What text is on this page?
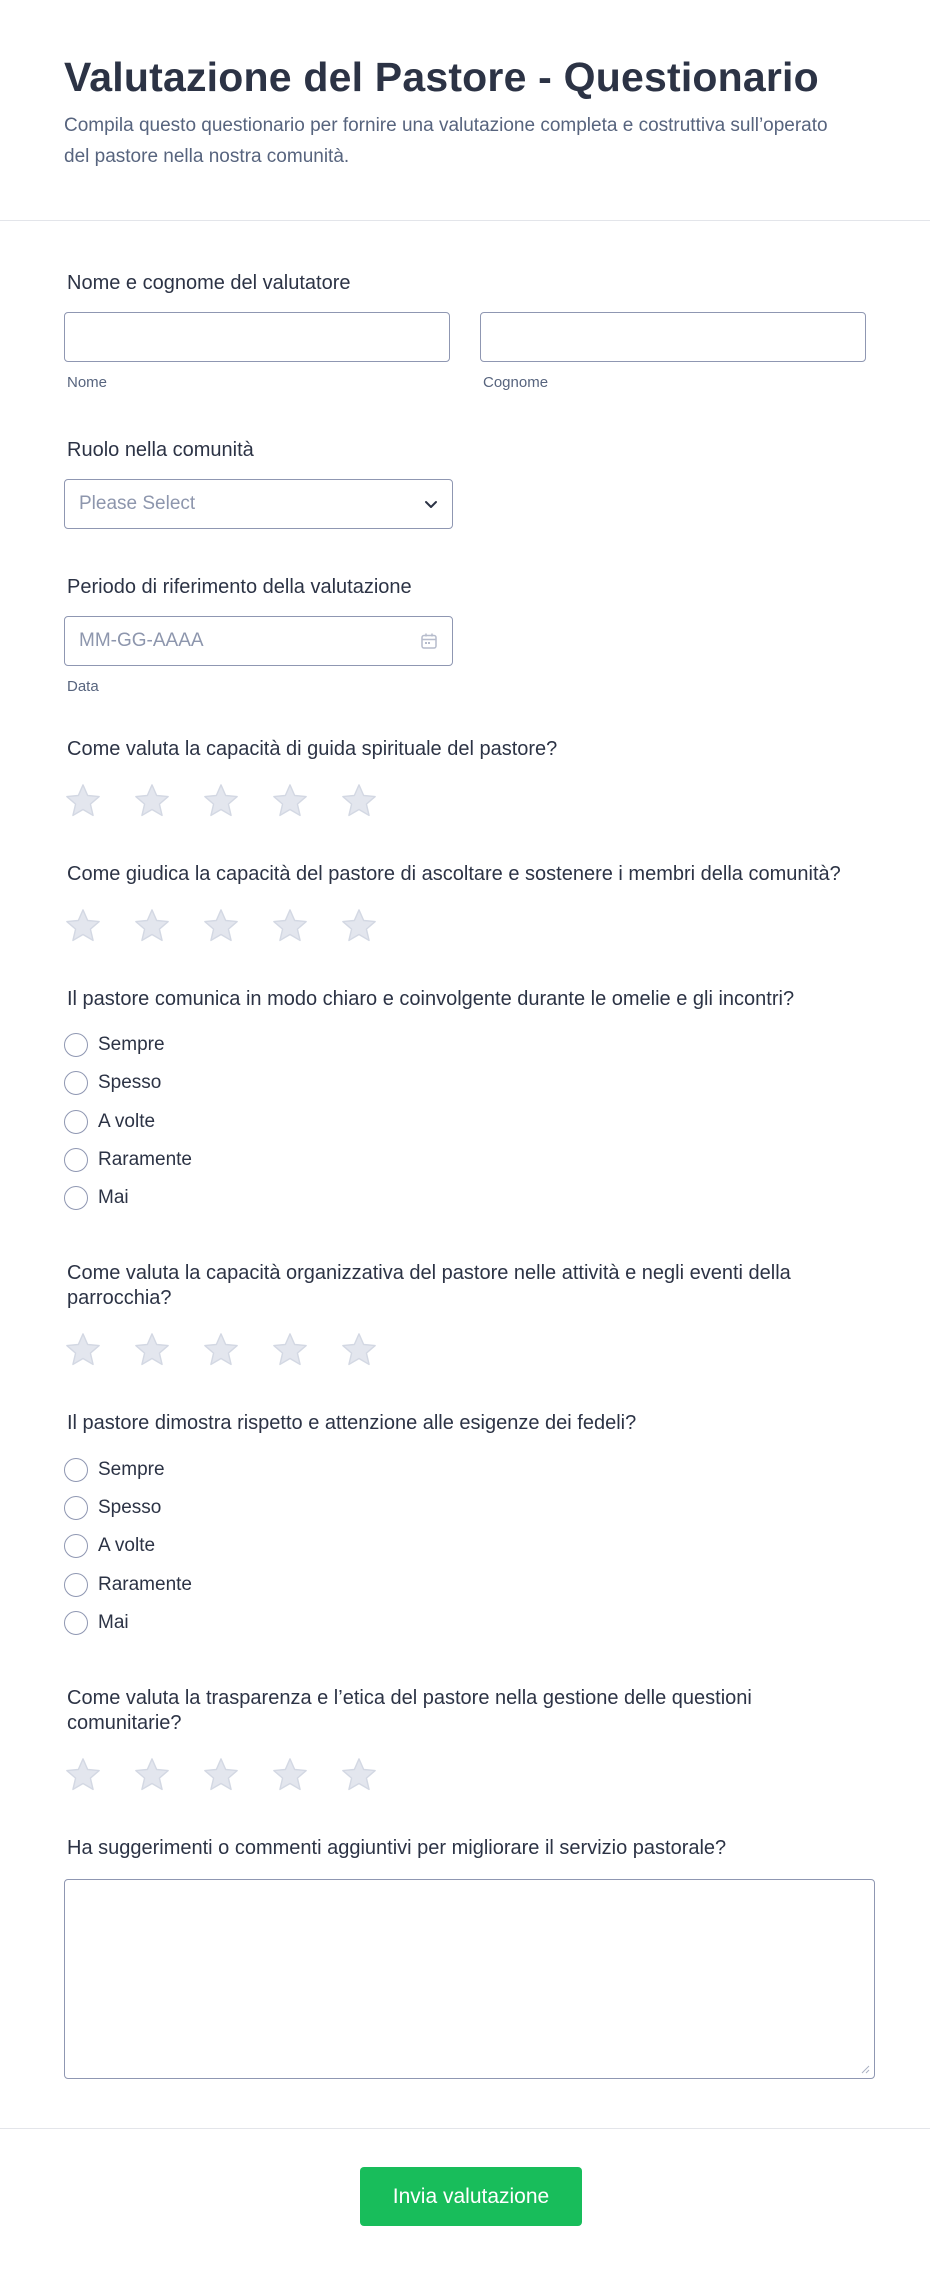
Valutazione del Pastore - Questionario

Compila questo questionario per fornire una valutazione completa e costruttiva sull’operato del pastore nella nostra comunità.

Nome e cognome del valutatore
Nome	Cognome
Ruolo nella comunità
Please Select
Periodo di riferimento della valutazione
MM-GG-AAAA
Data
Come valuta la capacità di guida spirituale del pastore?
Come giudica la capacità del pastore di ascoltare e sostenere i membri della comunità?
Il pastore comunica in modo chiaro e coinvolgente durante le omelie e gli incontri?
Sempre
Spesso
A volte
Raramente
Mai
Come valuta la capacità organizzativa del pastore nelle attività e negli eventi della parrocchia?
Il pastore dimostra rispetto e attenzione alle esigenze dei fedeli?
Sempre
Spesso
A volte
Raramente
Mai
Come valuta la trasparenza e l’etica del pastore nella gestione delle questioni comunitarie?
Ha suggerimenti o commenti aggiuntivi per migliorare il servizio pastorale?
Invia valutazione
